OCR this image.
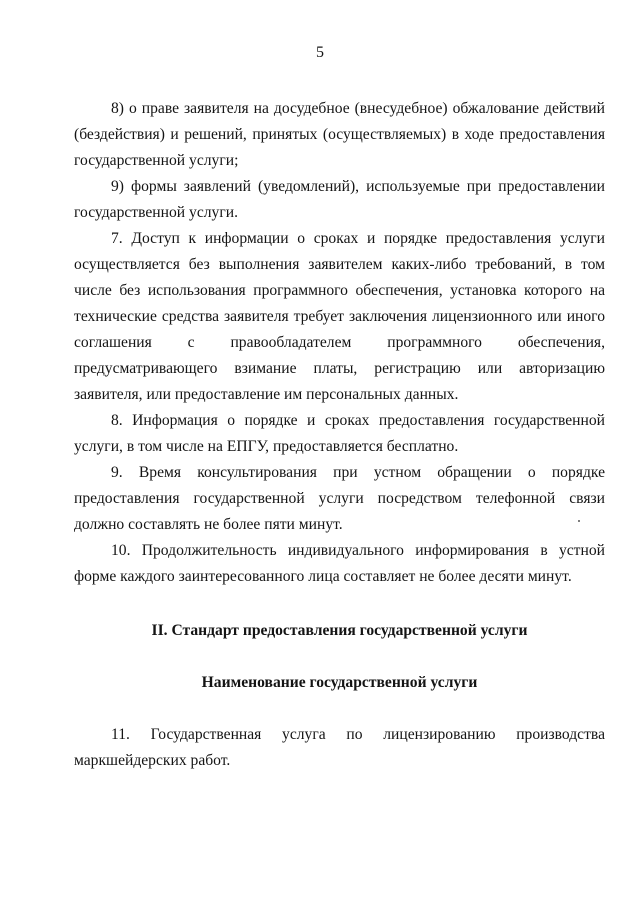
5

8) о праве заявителя на досудебное (внесудебное) обжалование действий (бездействия) и решений, принятых (осуществляемых) в ходе предоставления государственной услуги;

9) формы заявлений (уведомлений), используемые при предоставлении государственной услуги.

7. Доступ к информации о сроках и порядке предоставления услуги осуществляется без выполнения заявителем каких-либо требований, в том числе без использования программного обеспечения, установка которого на технические средства заявителя требует заключения лицензионного или иного соглашения с правообладателем программного обеспечения, предусматривающего взимание платы, регистрацию или авторизацию заявителя, или предоставление им персональных данных.

8. Информация о порядке и сроках предоставления государственной услуги, в том числе на ЕПГУ, предоставляется бесплатно.

9. Время консультирования при устном обращении о порядке предоставления государственной услуги посредством телефонной связи должно составлять не более пяти минут.

10. Продолжительность индивидуального информирования в устной форме каждого заинтересованного лица составляет не более десяти минут.

II. Стандарт предоставления государственной услуги

Наименование государственной услуги

11. Государственная услуга по лицензированию производства маркшейдерских работ.
